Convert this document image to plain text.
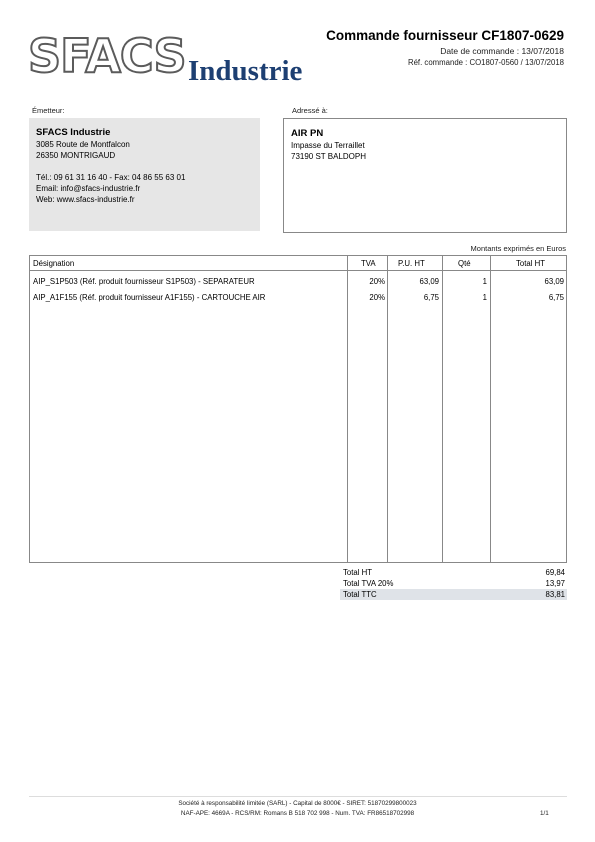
SFACS Industrie
Commande fournisseur CF1807-0629
Date de commande : 13/07/2018
Réf. commande : CO1807-0560 / 13/07/2018
Émetteur:
SFACS Industrie
3085 Route de Montfalcon
26350 MONTRIGAUD
Tél.: 09 61 31 16 40 - Fax: 04 86 55 63 01
Email: info@sfacs-industrie.fr
Web: www.sfacs-industrie.fr
Adressé à:
AIR PN
Impasse du Terraillet
73190 ST BALDOPH
Montants exprimés en Euros
Désignation	TVA	P.U. HT	Qté	Total HT
AIP_S1P503 (Réf. produit fournisseur S1P503) - SEPARATEUR	20%	63,09	1	63,09
AIP_A1F155 (Réf. produit fournisseur A1F155) - CARTOUCHE AIR	20%	6,75	1	6,75
Total HT	69,84
Total TVA 20%	13,97
Total TTC	83,81
Société à responsabilité limitée (SARL) - Capital de 8000€ - SIRET: 51870299800023
NAF-APE: 4669A - RCS/RM: Romans B 518 702 998 - Num. TVA: FR86518702998	1/1
